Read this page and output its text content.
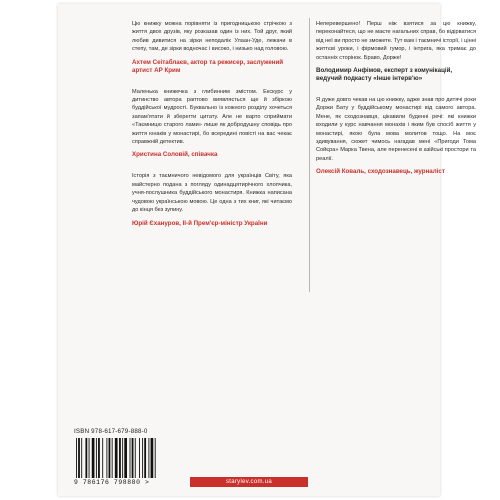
Цю книжку можна порівняти із пригодницькою стрічкою з життя двох друзів, яку розказав один із них. Той друг, який любив дивитися на зірки неподалік Улаан-Уде, лежачи в степу, там, де зірки водночас і високо, і низько над головою.

Ахтем Сеітаблаєв, актор та режисер, заслужений артист АР Крим

Маленька книжечка з глибинним змістом. Екскурс у дитинство автора раптово виявляється ще й збіркою буддійської мудрості. Буквально із кожного розділу хочеться запам'ятати й зберегти цитату. Але не варто сприймати «Таємницю старого лами» лише як добродушну сповідь про життя юнаків у монастирі, бо всередині повісті на вас чекає справжній детектив.

Христина Соловій, співачка

Історія з таємничого невідомого для українців Світу, яка майстерно подана з погляду одинадцятирічного хлопчика, учня-послушника буддійського монастиря. Книжка написана чудовою українською мовою. Це одна з тих книг, які читаємо до кінця без зупину.

Юрій Єхануров, II-й Прем'єр-міністр України

Неперевершено! Перш ніж взятися за цю книжку, переконайтеся, що не маєте нагальних справ, бо відірватися від неї ви просто не зможете. Тут вам і таємничі історії, і цінні життєві уроки, і фірмовий гумор, і інтрига, яка тримає до останніх сторінок. Браво, Дорже!

Володимир Анфімов, експерт з комунікацій, ведучий подкасту «Інше інтерв'ю»

Я дуже довго чекав на цю книжку, адже знав про дитячі роки Доржи Бату у буддійському монастирі від самого автора. Мене, як сходознавця, цікавили буденні речі: які книжки входили у курс навчання монахів і яким був спосіб життя у монастирі, якою була мова молитов тощо. На моє здивування, сюжет чимось нагадав мені «Пригоди Тома Сойєра» Марка Твена, але перенесені в азійські простори та реалії.

Олексій Коваль, сходознавець, журналіст

ISBN 978-617-679-888-0

9 786176 798880 >	starylev.com.ua
